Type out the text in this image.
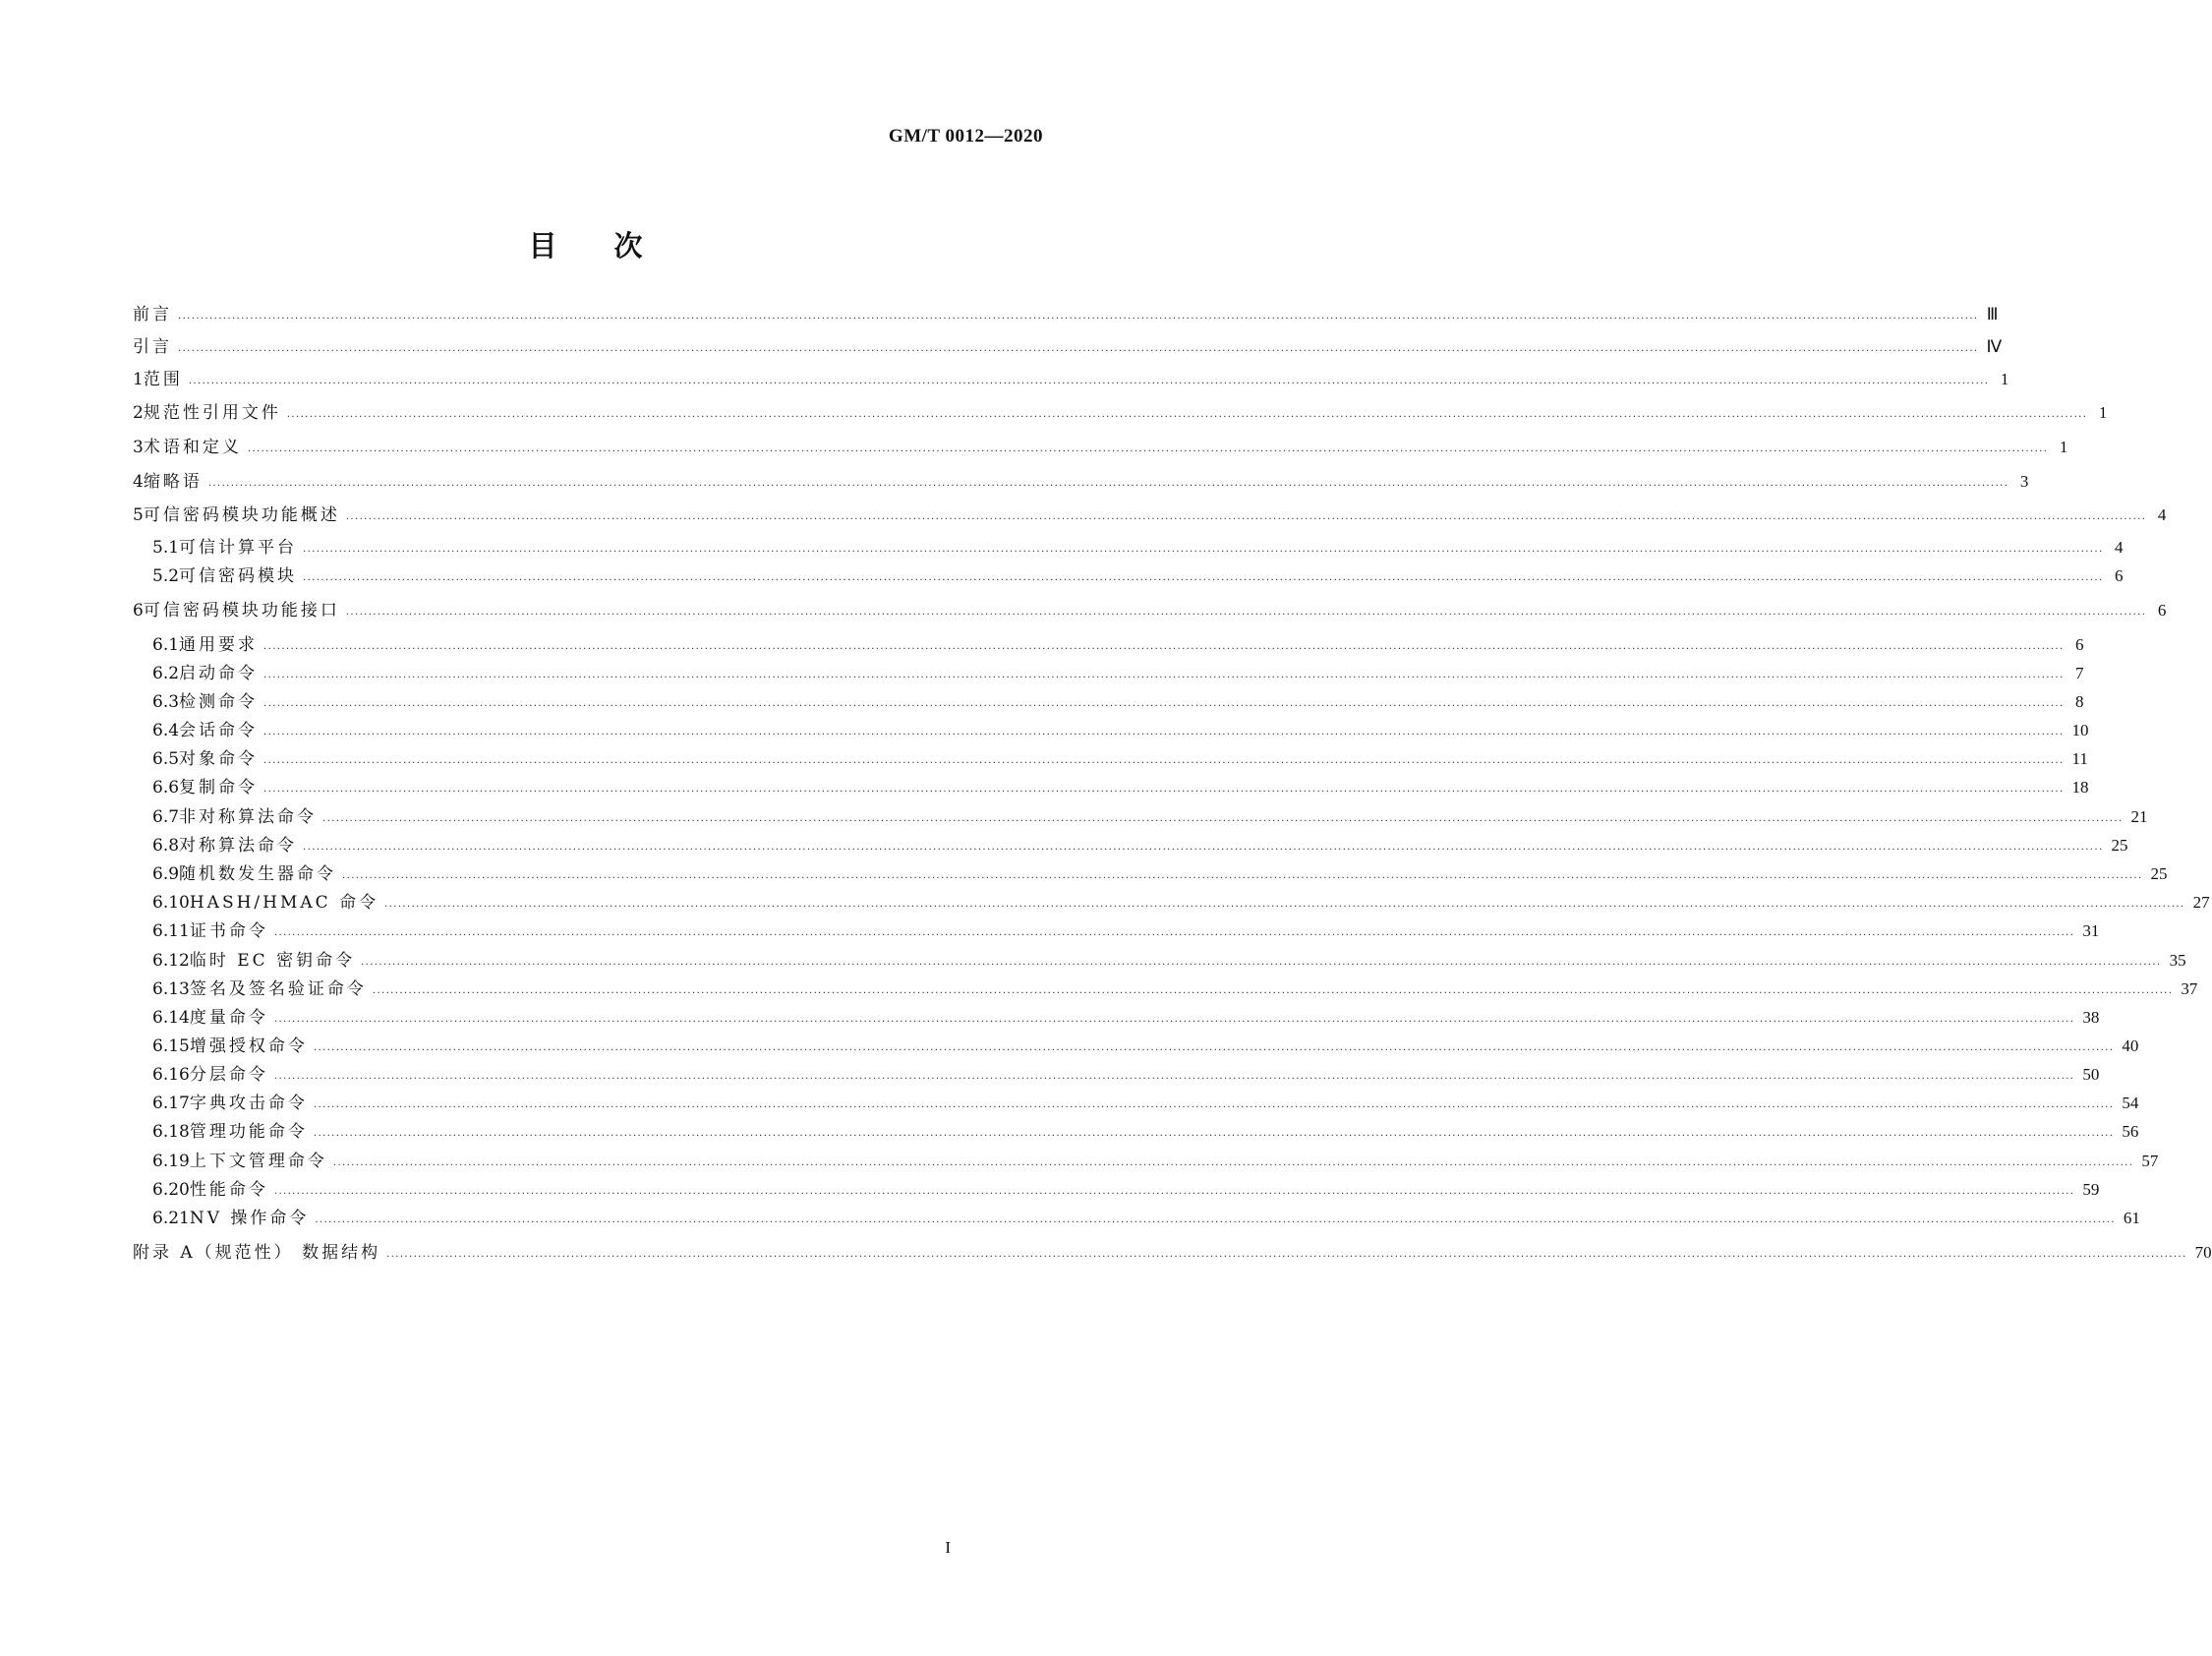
GM/T 0012—2020
目次
前言 ................................................................................................................................................................................................................................................................................................................................................................................................................ Ⅲ
引言 ................................................................................................................................................................................................................................................................................................................................................................................................................ Ⅳ
1 范围 ................................................................................................................................................................................................................................................................................................................................................................................................................ 1
2 规范性引用文件 ................................................................................................................................................................................................................................................................................................................................................................................................................ 1
3 术语和定义 ................................................................................................................................................................................................................................................................................................................................................................................................................ 1
4 缩略语 ................................................................................................................................................................................................................................................................................................................................................................................................................ 3
5 可信密码模块功能概述 ................................................................................................................................................................................................................................................................................................................................................................................................................ 4
5.1 可信计算平台 ................................................................................................................................................................................................................................................................................................................................................................................................................ 4
5.2 可信密码模块 ................................................................................................................................................................................................................................................................................................................................................................................................................ 6
6 可信密码模块功能接口 ................................................................................................................................................................................................................................................................................................................................................................................................................ 6
6.1 通用要求 ................................................................................................................................................................................................................................................................................................................................................................................................................ 6
6.2 启动命令 ................................................................................................................................................................................................................................................................................................................................................................................................................ 7
6.3 检测命令 ................................................................................................................................................................................................................................................................................................................................................................................................................ 8
6.4 会话命令 ................................................................................................................................................................................................................................................................................................................................................................................................................ 10
6.5 对象命令 ................................................................................................................................................................................................................................................................................................................................................................................................................ 11
6.6 复制命令 ................................................................................................................................................................................................................................................................................................................................................................................................................ 18
6.7 非对称算法命令 ................................................................................................................................................................................................................................................................................................................................................................................................................ 21
6.8 对称算法命令 ................................................................................................................................................................................................................................................................................................................................................................................................................ 25
6.9 随机数发生器命令 ................................................................................................................................................................................................................................................................................................................................................................................................................ 25
6.10 HASH/HMAC 命令 ................................................................................................................................................................................................................................................................................................................................................................................................................ 27
6.11 证书命令 ................................................................................................................................................................................................................................................................................................................................................................................................................ 31
6.12 临时 EC 密钥命令 ................................................................................................................................................................................................................................................................................................................................................................................................................ 35
6.13 签名及签名验证命令 ................................................................................................................................................................................................................................................................................................................................................................................................................ 37
6.14 度量命令 ................................................................................................................................................................................................................................................................................................................................................................................................................ 38
6.15 增强授权命令 ................................................................................................................................................................................................................................................................................................................................................................................................................ 40
6.16 分层命令 ................................................................................................................................................................................................................................................................................................................................................................................................................ 50
6.17 字典攻击命令 ................................................................................................................................................................................................................................................................................................................................................................................................................ 54
6.18 管理功能命令 ................................................................................................................................................................................................................................................................................................................................................................................................................ 56
6.19 上下文管理命令 ................................................................................................................................................................................................................................................................................................................................................................................................................ 57
6.20 性能命令 ................................................................................................................................................................................................................................................................................................................................................................................................................ 59
6.21 NV 操作命令 ................................................................................................................................................................................................................................................................................................................................................................................................................ 61
附录 A（规范性） 数据结构 ................................................................................................................................................................................................................................................................................................................................................................................................................ 70
I
